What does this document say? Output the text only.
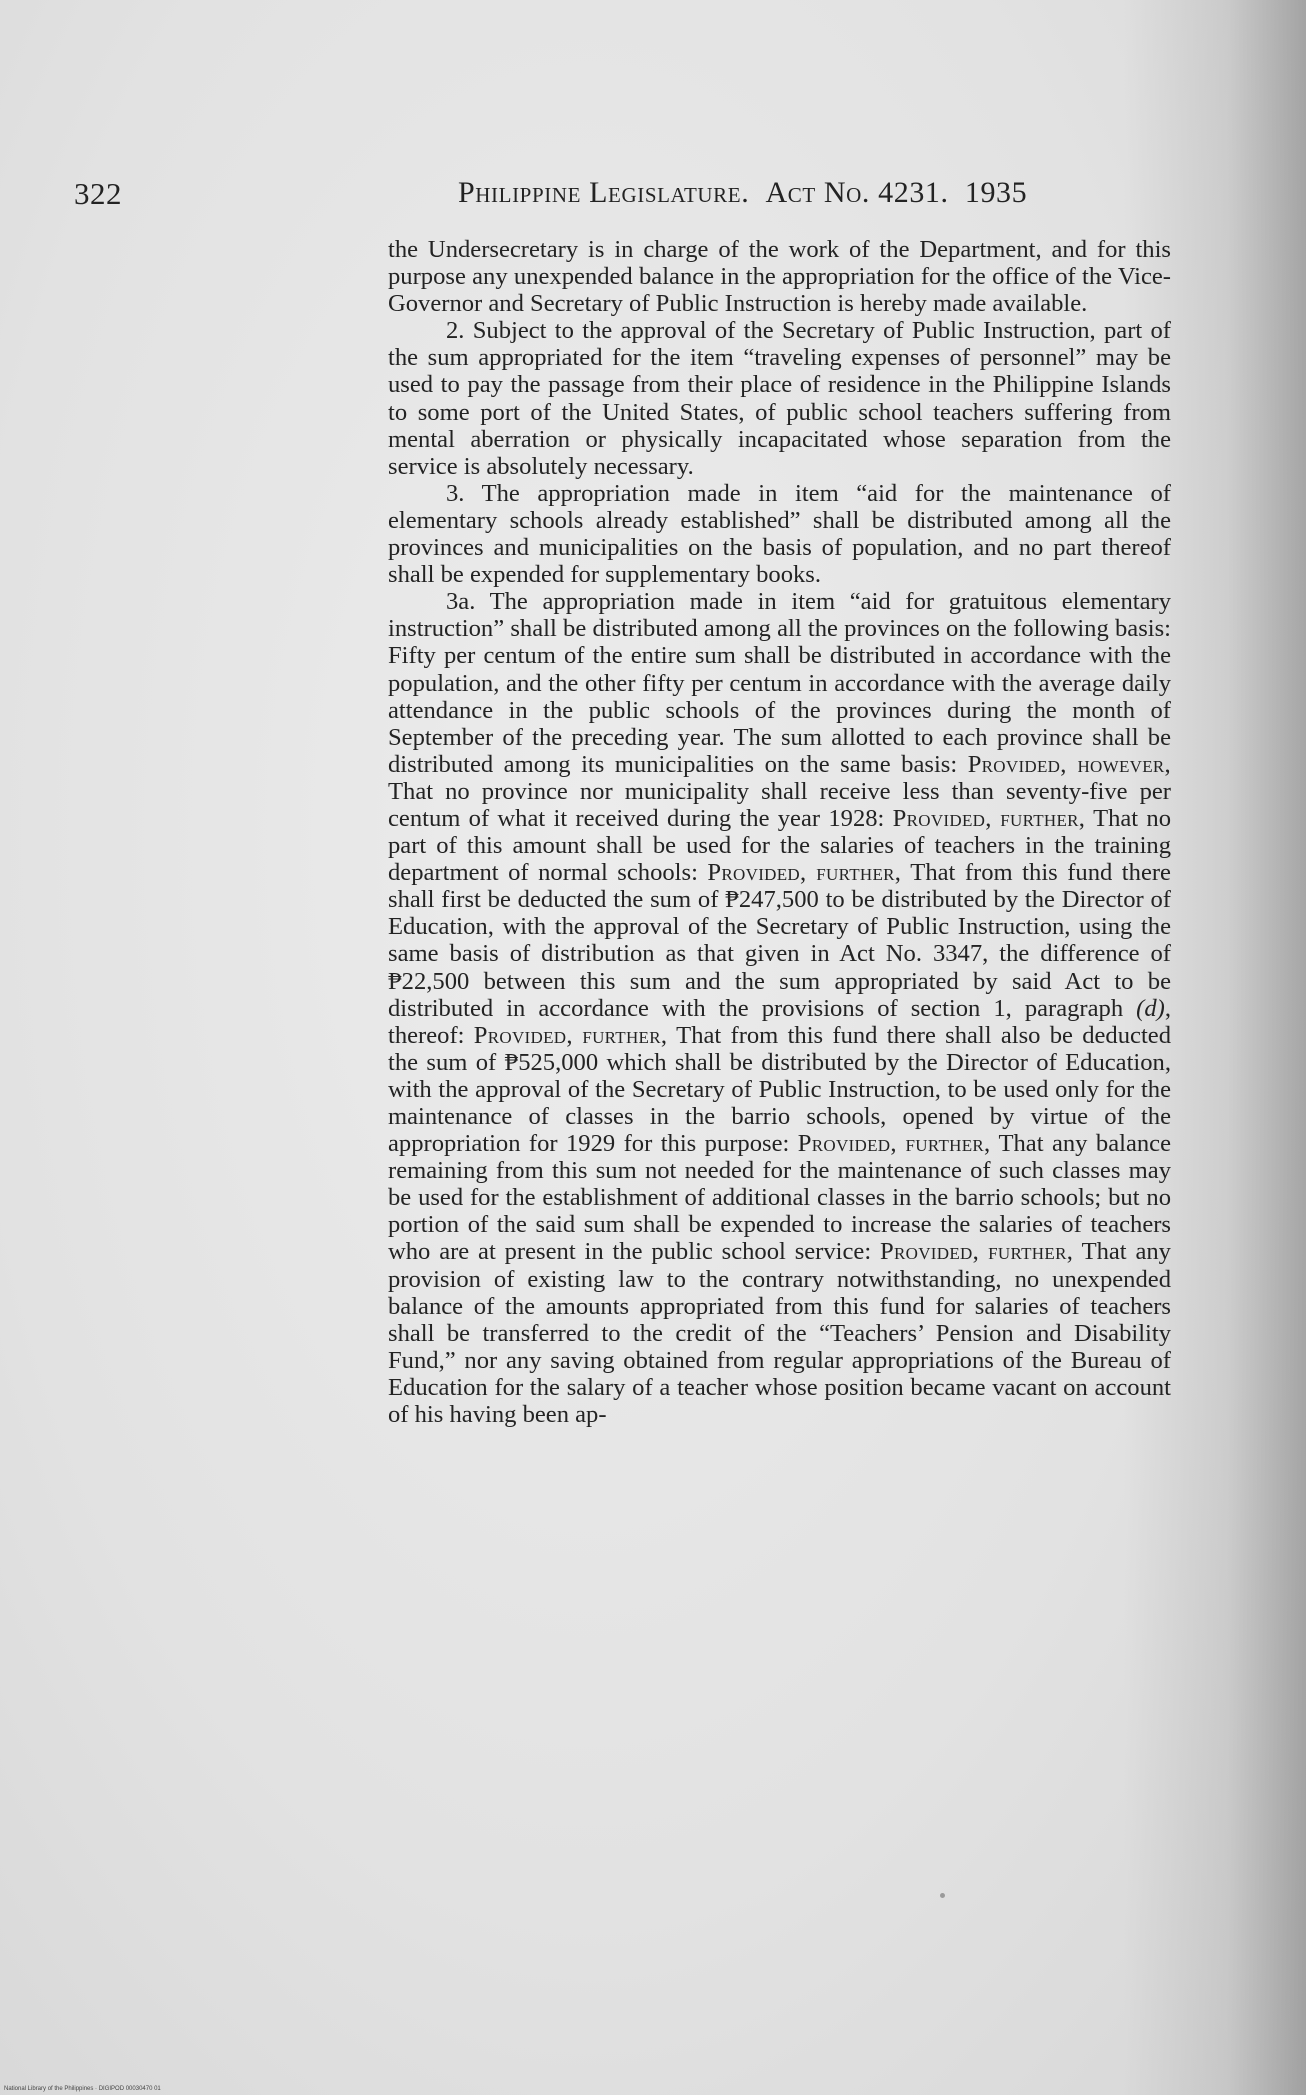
322	Philippine Legislature. Act No. 4231. 1935

the Undersecretary is in charge of the work of the Department, and for this purpose any unexpended balance in the appropriation for the office of the Vice-Governor and Secretary of Public Instruction is hereby made available.

2. Subject to the approval of the Secretary of Public Instruction, part of the sum appropriated for the item “traveling expenses of personnel” may be used to pay the passage from their place of residence in the Philippine Islands to some port of the United States, of public school teachers suffering from mental aberration or physically incapacitated whose separation from the service is absolutely necessary.

3. The appropriation made in item “aid for the maintenance of elementary schools already established” shall be distributed among all the provinces and municipalities on the basis of population, and no part thereof shall be expended for supplementary books.

3a. The appropriation made in item “aid for gratuitous elementary instruction” shall be distributed among all the provinces on the following basis: Fifty per centum of the entire sum shall be distributed in accordance with the population, and the other fifty per centum in accordance with the average daily attendance in the public schools of the provinces during the month of September of the preceding year. The sum allotted to each province shall be distributed among its municipalities on the same basis: Provided, however, That no province nor municipality shall receive less than seventy-five per centum of what it received during the year 1928: Provided, further, That no part of this amount shall be used for the salaries of teachers in the training department of normal schools: Provided, further, That from this fund there shall first be deducted the sum of ₱247,500 to be distributed by the Director of Education, with the approval of the Secretary of Public Instruction, using the same basis of distribution as that given in Act No. 3347, the difference of ₱22,500 between this sum and the sum appropriated by said Act to be distributed in accordance with the provisions of section 1, paragraph (d), thereof: Provided, further, That from this fund there shall also be deducted the sum of ₱525,000 which shall be distributed by the Director of Education, with the approval of the Secretary of Public Instruction, to be used only for the maintenance of classes in the barrio schools, opened by virtue of the appropriation for 1929 for this purpose: Provided, further, That any balance remaining from this sum not needed for the maintenance of such classes may be used for the establishment of additional classes in the barrio schools; but no portion of the said sum shall be expended to increase the salaries of teachers who are at present in the public school service: Provided, further, That any provision of existing law to the contrary notwithstanding, no unexpended balance of the amounts appropriated from this fund for salaries of teachers shall be transferred to the credit of the “Teachers’ Pension and Disability Fund,” nor any saving obtained from regular appropriations of the Bureau of Education for the salary of a teacher whose position became vacant on account of his having been ap-

National Library of the Philippines · DIGIPOD 00030470 01
